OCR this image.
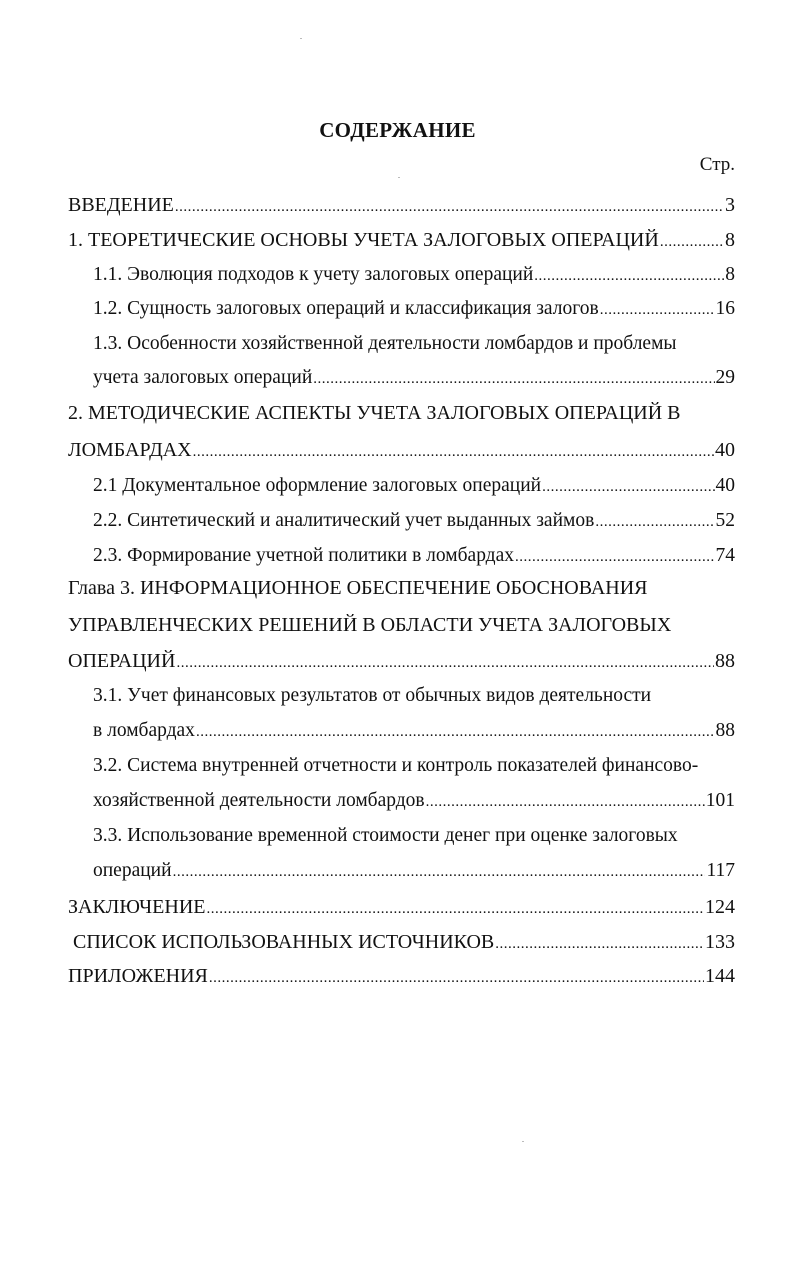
СОДЕРЖАНИЕ
Стр.
ВВЕДЕНИЕ .....	3
1. ТЕОРЕТИЧЕСКИЕ ОСНОВЫ УЧЕТА ЗАЛОГОВЫХ ОПЕРАЦИЙ .....	8
1.1. Эволюция подходов к учету залоговых операций .....	8
1.2. Сущность залоговых операций и классификация залогов .....	16
1.3. Особенности хозяйственной деятельности ломбардов и проблемы
учета залоговых операций .....	29
2. МЕТОДИЧЕСКИЕ АСПЕКТЫ УЧЕТА ЗАЛОГОВЫХ ОПЕРАЦИЙ В
ЛОМБАРДАХ .....	40
2.1 Документальное оформление залоговых операций .....	40
2.2. Синтетический и аналитический учет выданных займов .....	52
2.3. Формирование учетной политики в ломбардах .....	74
Глава 3. ИНФОРМАЦИОННОЕ ОБЕСПЕЧЕНИЕ ОБОСНОВАНИЯ
УПРАВЛЕНЧЕСКИХ РЕШЕНИЙ В ОБЛАСТИ УЧЕТА ЗАЛОГОВЫХ
ОПЕРАЦИЙ .....	88
3.1. Учет финансовых результатов от обычных видов деятельности
в ломбардах .....	88
3.2. Система внутренней отчетности и контроль показателей финансово-
хозяйственной деятельности ломбардов .....	101
3.3. Использование временной стоимости денег при оценке залоговых
операций .....	117
ЗАКЛЮЧЕНИЕ .....	124
СПИСОК ИСПОЛЬЗОВАННЫХ ИСТОЧНИКОВ .....	133
ПРИЛОЖЕНИЯ .....	144
